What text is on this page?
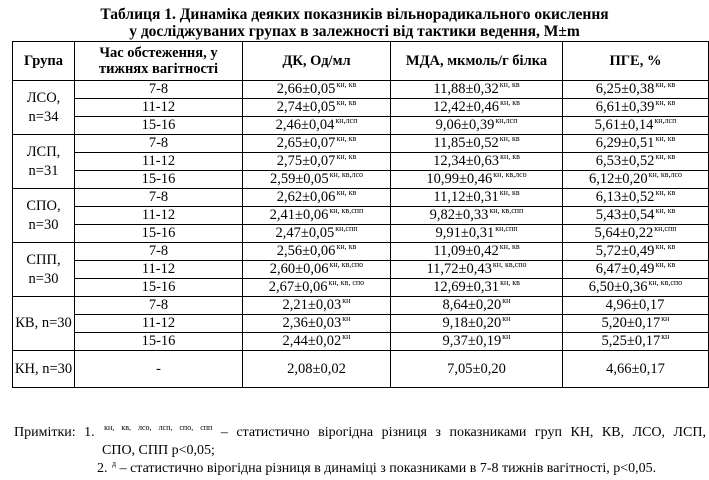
Таблиця 1. Динаміка деяких показників вільнорадикального окислення
у досліджуваних групах в залежності від тактики ведення, M±m
Група	Час обстеження, у тижнях вагітності	ДК, Од/мл	МДА, мкмоль/г білка	ПГЕ, %
ЛСО, n=34	7-8	$2,66\pm 0,05^{кн, кв}$	$11,88\pm 0,32^{кн, кв}$	$6,25\pm 0,38^{кн, кв}$
	11-12	$2,74\pm 0,05^{кн, кв}$	$12,42\pm 0,46^{кн, кв}$	$6,61\pm 0,39^{кн, кв}$
	15-16	$2,46\pm 0,04^{кн,лсп}$	$9,06\pm 0,39^{кн,лсп}$	$5,61\pm 0,14^{кн,лсп}$
ЛСП, n=31	7-8	$2,65\pm 0,07^{кн, кв}$	$11,85\pm 0,52^{кн, кв}$	$6,29\pm 0,51^{кн, кв}$
	11-12	$2,75\pm 0,07^{кн, кв}$	$12,34\pm 0,63^{кн, кв}$	$6,53\pm 0,52^{кн, кв}$
	15-16	$2,59\pm 0,05^{кн, кв,лсо}$	$10,99\pm 0,46^{кн, кв,лсо}$	$6,12\pm 0,20^{кн, кв,лсо}$
СПО, n=30	7-8	$2,62\pm 0,06^{кн, кв}$	$11,12\pm 0,31^{кн, кв}$	$6,13\pm 0,52^{кн, кв}$
	11-12	$2,41\pm 0,06^{кн, кв,спп}$	$9,82\pm 0,33^{кн, кв,спп}$	$5,43\pm 0,54^{кн, кв}$
	15-16	$2,47\pm 0,05^{кн,спп}$	$9,91\pm 0,31^{кн,спп}$	$5,64\pm 0,22^{кн,спп}$
СПП, n=30	7-8	$2,56\pm 0,06^{кн, кв}$	$11,09\pm 0,42^{кн, кв}$	$5,72\pm 0,49^{кн, кв}$
	11-12	$2,60\pm 0,06^{кн, кв,спо}$	$11,72\pm 0,43^{кн, кв,спо}$	$6,47\pm 0,49^{кн, кв}$
	15-16	$2,67\pm 0,06^{кн, кв, спо}$	$12,69\pm 0,31^{кн, кв}$	$6,50\pm 0,36^{кн, кв,спо}$
КВ, n=30	7-8	$2,21\pm 0,03^{кн}$	$8,64\pm 0,20^{кн}$	4,96±0,17
	11-12	$2,36\pm 0,03^{кн}$	$9,18\pm 0,20^{кн}$	$5,20\pm 0,17^{кн}$
	15-16	$2,44\pm 0,02^{кн}$	$9,37\pm 0,19^{кн}$	$5,25\pm 0,17^{кн}$
КН, n=30	-	2,08±0,02	7,05±0,20	4,66±0,17
Примітки: 1. $^{кн, кв, лсо, лсп, спо, спп}$ – статистично вірогідна різниця з показниками груп КН, КВ, ЛСО, ЛСП,
СПО, СПП р<0,05;
2. $^д$ – статистично вірогідна різниця в динаміці з показниками в 7-8 тижнів вагітності, р<0,05.
